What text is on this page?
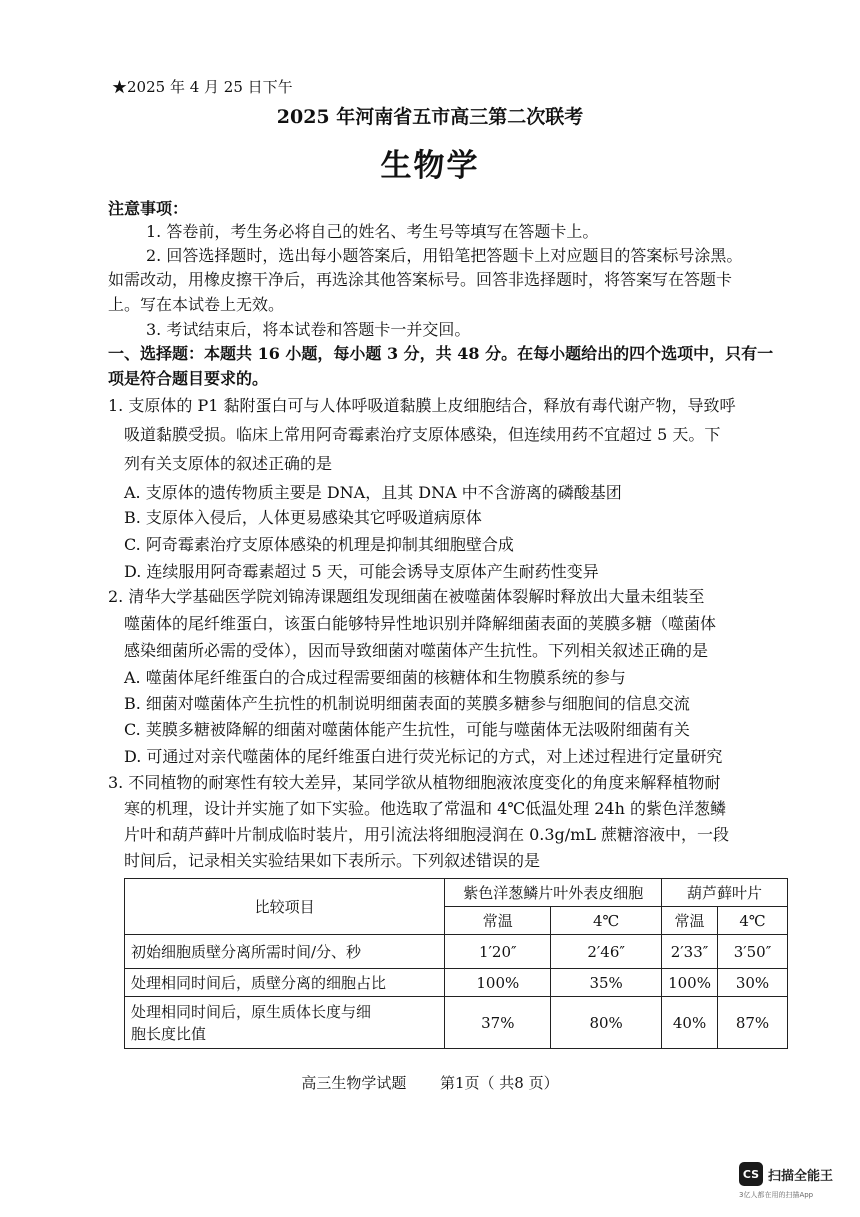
★2025 年 4 月 25 日下午
2025 年河南省五市高三第二次联考
生物学
注意事项：
1. 答卷前，考生务必将自己的姓名、考生号等填写在答题卡上。
2. 回答选择题时，选出每小题答案后，用铅笔把答题卡上对应题目的答案标号涂黑。
如需改动，用橡皮擦干净后，再选涂其他答案标号。回答非选择题时，将答案写在答题卡
上。写在本试卷上无效。
3. 考试结束后，将本试卷和答题卡一并交回。
一、选择题：本题共 16 小题，每小题 3 分，共 48 分。在每小题给出的四个选项中，只有一
项是符合题目要求的。
1. 支原体的 P1 黏附蛋白可与人体呼吸道黏膜上皮细胞结合，释放有毒代谢产物，导致呼
吸道黏膜受损。临床上常用阿奇霉素治疗支原体感染，但连续用药不宜超过 5 天。下
列有关支原体的叙述正确的是
A. 支原体的遗传物质主要是 DNA，且其 DNA 中不含游离的磷酸基团
B. 支原体入侵后，人体更易感染其它呼吸道病原体
C. 阿奇霉素治疗支原体感染的机理是抑制其细胞壁合成
D. 连续服用阿奇霉素超过 5 天，可能会诱导支原体产生耐药性变异
2. 清华大学基础医学院刘锦涛课题组发现细菌在被噬菌体裂解时释放出大量未组装至
噬菌体的尾纤维蛋白，该蛋白能够特异性地识别并降解细菌表面的荚膜多糖（噬菌体
感染细菌所必需的受体），因而导致细菌对噬菌体产生抗性。下列相关叙述正确的是
A. 噬菌体尾纤维蛋白的合成过程需要细菌的核糖体和生物膜系统的参与
B. 细菌对噬菌体产生抗性的机制说明细菌表面的荚膜多糖参与细胞间的信息交流
C. 荚膜多糖被降解的细菌对噬菌体能产生抗性，可能与噬菌体无法吸附细菌有关
D. 可通过对亲代噬菌体的尾纤维蛋白进行荧光标记的方式，对上述过程进行定量研究
3. 不同植物的耐寒性有较大差异，某同学欲从植物细胞液浓度变化的角度来解释植物耐
寒的机理，设计并实施了如下实验。他选取了常温和 4℃低温处理 24h 的紫色洋葱鳞
片叶和葫芦藓叶片制成临时装片，用引流法将细胞浸润在 0.3g/mL 蔗糖溶液中，一段
时间后，记录相关实验结果如下表所示。下列叙述错误的是
比较项目	紫色洋葱鳞片叶外表皮细胞		葫芦藓叶片	
	常温	4℃	常温	4℃
初始细胞质壁分离所需时间/分、秒	1′20″	2′46″	2′33″	3′50″
处理相同时间后，质壁分离的细胞占比	100%	35%	100%	30%

处理相同时间后，原生质体长度与细
胞长度比值	37%	80%	40%	87%
高三生物学试题 第1页（ 共8 页）
CS 扫描全能王
3亿人都在用的扫描App
